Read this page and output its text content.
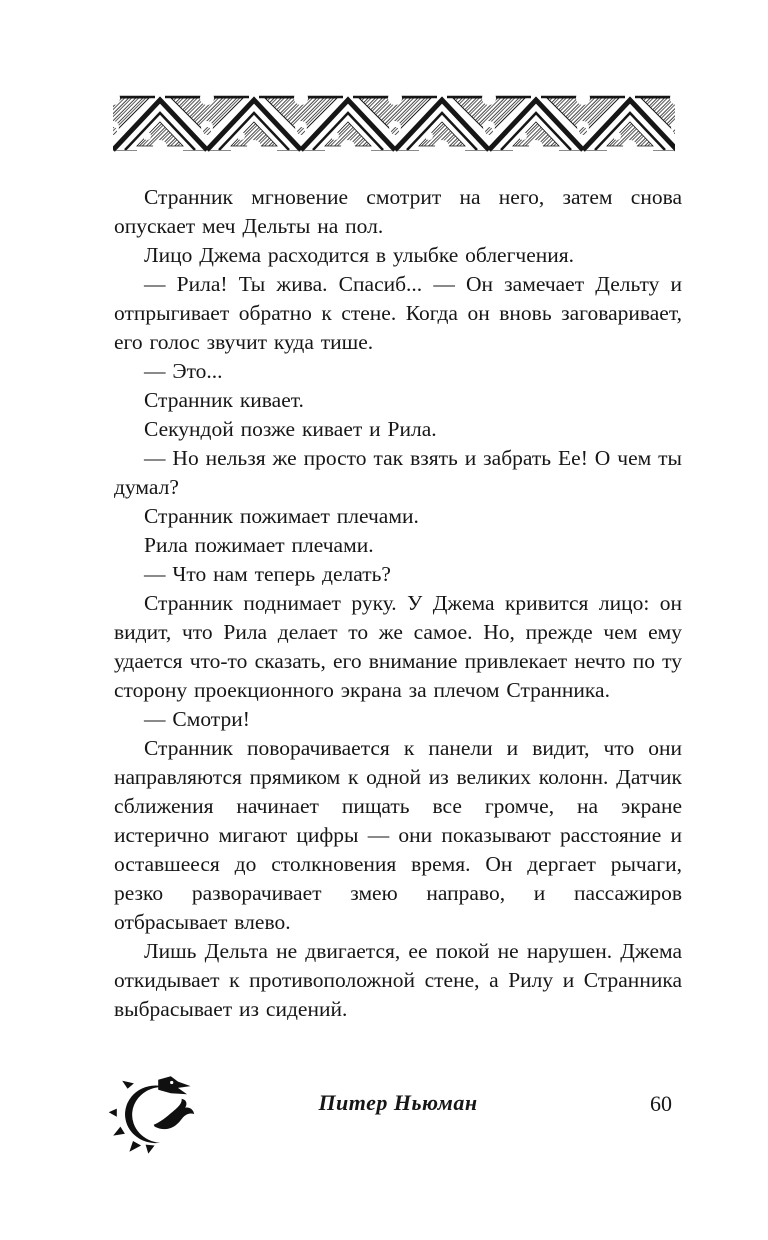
Странник мгновение смотрит на него, затем снова опускает меч Дельты на пол.

Лицо Джема расходится в улыбке облегчения.

— Рила! Ты жива. Спасиб... — Он замечает Дельту и отпрыгивает обратно к стене. Когда он вновь заговаривает, его голос звучит куда тише.

— Это...

Странник кивает.

Секундой позже кивает и Рила.

— Но нельзя же просто так взять и забрать Ее! О чем ты думал?

Странник пожимает плечами.

Рила пожимает плечами.

— Что нам теперь делать?

Странник поднимает руку. У Джема кривится лицо: он видит, что Рила делает то же самое. Но, прежде чем ему удается что-то сказать, его внимание привлекает нечто по ту сторону проекционного экрана за плечом Странника.

— Смотри!

Странник поворачивается к панели и видит, что они направляются прямиком к одной из великих колонн. Датчик сближения начинает пищать все громче, на экране истерично мигают цифры — они показывают расстояние и оставшееся до столкновения время. Он дергает рычаги, резко разворачивает змею направо, и пассажиров отбрасывает влево.

Лишь Дельта не двигается, ее покой не нарушен. Джема откидывает к противоположной стене, а Рилу и Странника выбрасывает из сидений.

Питер Ньюман	60
